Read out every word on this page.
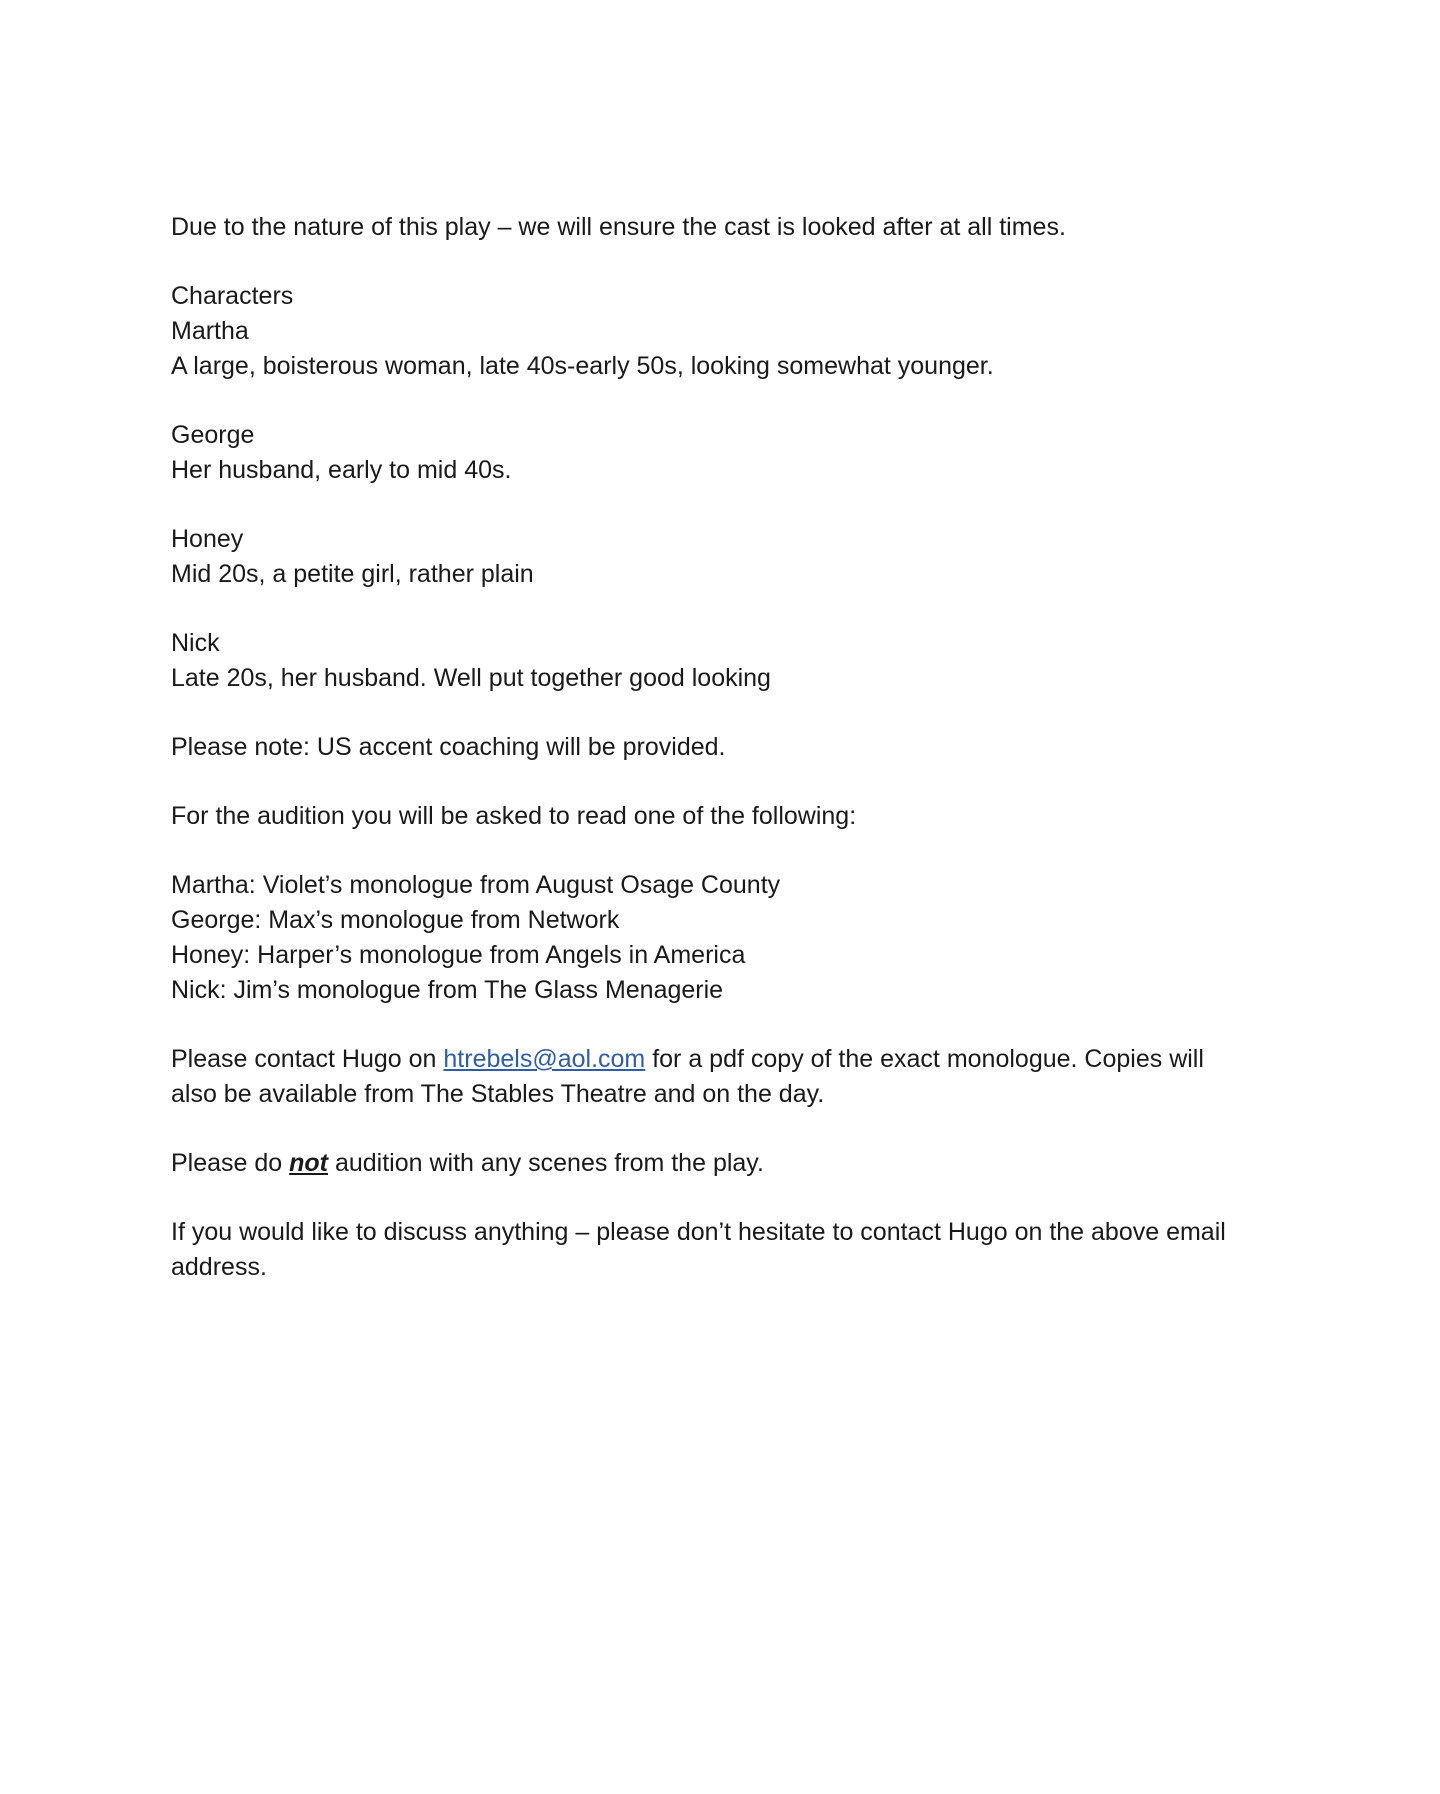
Due to the nature of this play – we will ensure the cast is looked after at all times.

Characters

Martha

A large, boisterous woman, late 40s-early 50s, looking somewhat younger.

George

Her husband, early to mid 40s.

Honey

Mid 20s, a petite girl, rather plain

Nick

Late 20s, her husband. Well put together good looking

Please note: US accent coaching will be provided.

For the audition you will be asked to read one of the following:

Martha: Violet’s monologue from August Osage County

George: Max’s monologue from Network

Honey: Harper’s monologue from Angels in America

Nick: Jim’s monologue from The Glass Menagerie

Please contact Hugo on htrebels@aol.com for a pdf copy of the exact monologue. Copies will

also be available from The Stables Theatre and on the day.

Please do not audition with any scenes from the play.

If you would like to discuss anything – please don’t hesitate to contact Hugo on the above email

address.
